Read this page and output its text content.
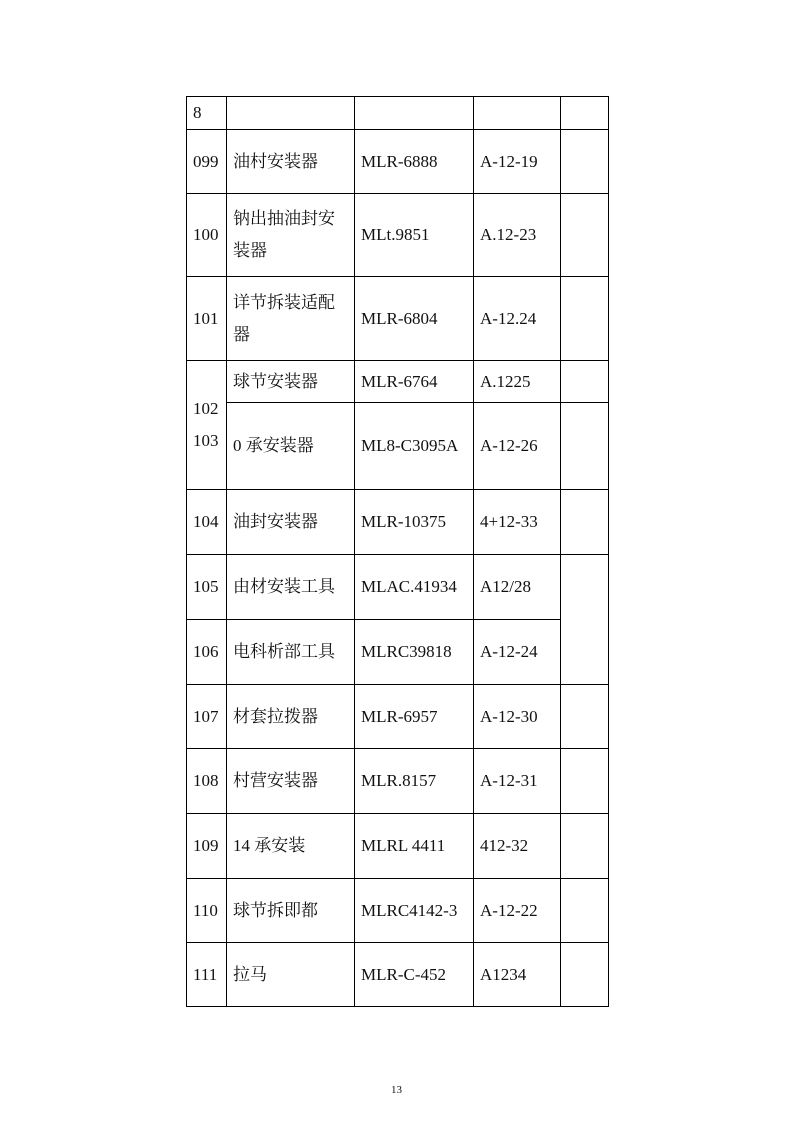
8				
099	油村安装器	MLR-6888	A-12-19	
100	钠出抽油封安装器	MLt.9851	A.12-23	
101	详节拆装适配器	MLR-6804	A-12.24	
102103	球节安装器	MLR-6764	A.1225	
	0 承安装器	ML8-C3095A	A-12-26	
104	油封安装器	MLR-10375	4+12-33	
105	由材安装工具	MLAC.41934	A12/28	
106	电科析部工具	MLRC39818	A-12-24	
107	材套拉拨器	MLR-6957	A-12-30	
108	村营安装器	MLR.8157	A-12-31	
109	14 承安装	MLRL 4411	412-32	
110	球节拆即都	MLRC4142-3	A-12-22	
111	拉马	MLR-C-452	A1234	
13
